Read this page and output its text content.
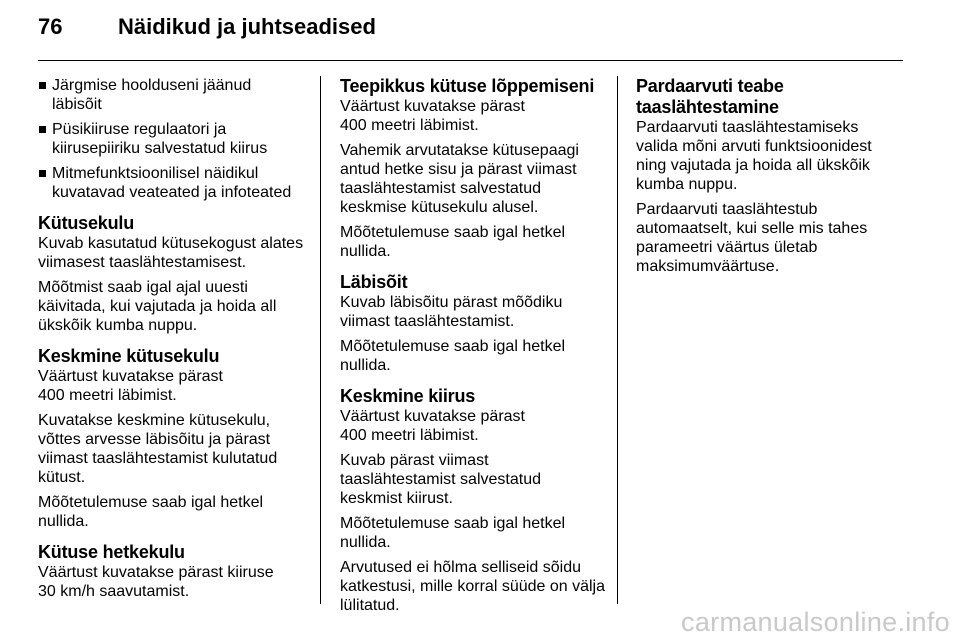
76	Näidikud ja juhtseadised
Järgmise hoolduseni jäänud
läbisõit
Püsikiiruse regulaatori ja
kiirusepiiriku salvestatud kiirus
Mitmefunktsioonilisel näidikul
kuvatavad veateated ja infoteated
Kütusekulu

Kuvab kasutatud kütusekogust alates
viimasest taaslähtestamisest.

Mõõtmist saab igal ajal uuesti
käivitada, kui vajutada ja hoida all
ükskõik kumba nuppu.

Keskmine kütusekulu

Väärtust kuvatakse pärast
400 meetri läbimist.

Kuvatakse keskmine kütusekulu,
võttes arvesse läbisõitu ja pärast
viimast taaslähtestamist kulutatud
kütust.

Mõõtetulemuse saab igal hetkel
nullida.

Kütuse hetkekulu

Väärtust kuvatakse pärast kiiruse
30 km/h saavutamist.

Teepikkus kütuse lõppemiseni

Väärtust kuvatakse pärast
400 meetri läbimist.

Vahemik arvutatakse kütusepaagi
antud hetke sisu ja pärast viimast
taaslähtestamist salvestatud
keskmise kütusekulu alusel.

Mõõtetulemuse saab igal hetkel
nullida.

Läbisõit

Kuvab läbisõitu pärast mõõdiku
viimast taaslähtestamist.

Mõõtetulemuse saab igal hetkel
nullida.

Keskmine kiirus

Väärtust kuvatakse pärast
400 meetri läbimist.

Kuvab pärast viimast
taaslähtestamist salvestatud
keskmist kiirust.

Mõõtetulemuse saab igal hetkel
nullida.

Arvutused ei hõlma selliseid sõidu
katkestusi, mille korral süüde on välja
lülitatud.

Pardaarvuti teabe
taaslähtestamine

Pardaarvuti taaslähtestamiseks
valida mõni arvuti funktsioonidest
ning vajutada ja hoida all ükskõik
kumba nuppu.

Pardaarvuti taaslähtestub
automaatselt, kui selle mis tahes
parameetri väärtus ületab
maksimumväärtuse.

carmanualsonline.info
